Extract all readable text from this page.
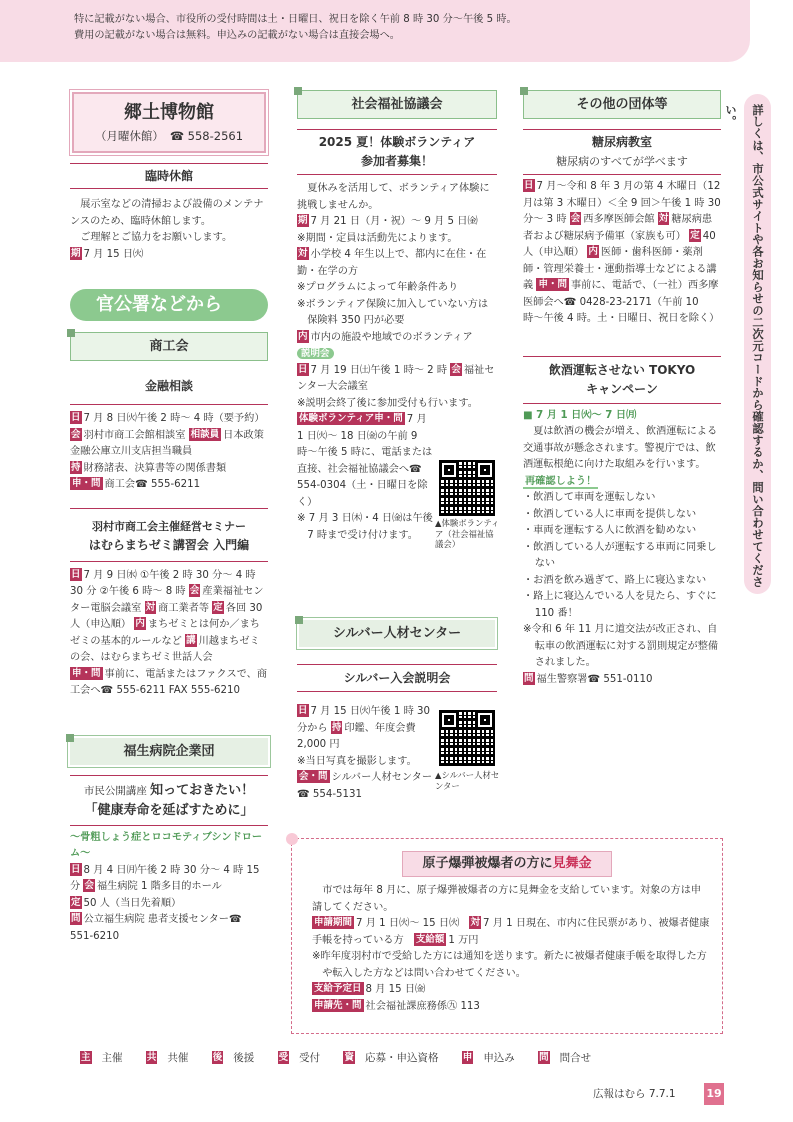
特に記載がない場合、市役所の受付時間は土・日曜日、祝日を除く午前 8 時 30 分〜午後 5 時。

費用の記載がない場合は無料。申込みの記載がない場合は直接会場へ。

郷土博物館
（月曜休館）　 ☎ 558-2561
臨時休館

展示室などの清掃および設備のメンテナンスのため、臨時休館します。

ご理解とご協力をお願いします。

期 7 月 15 日㈫

官公署などから
商工会
金融相談

日 7 月 8 日㈫午後 2 時〜 4 時（要予約）

会 羽村市商工会館相談室 相談員 日本政策金融公庫立川支店担当職員

持 財務諸表、決算書等の関係書類

申・問 商工会☎ 555-6211

羽村市商工会主催経営セミナー
はむらまちゼミ講習会 入門編

日 7 月 9 日㈬ ①午後 2 時 30 分〜 4 時 30 分 ②午後 6 時〜 8 時 会 産業福祉センター電脳会議室 対 商工業者等 定 各回 30 人（申込順） 内 まちゼミとは何か／まちゼミの基本的ルールなど 講 川越まちゼミの会、はむらまちゼミ世話人会

申・問 事前に、電話またはファクスで、商工会へ☎ 555-6211 FAX 555-6210

福生病院企業団
市民公開講座 知っておきたい！
「健康寿命を延ばすために」

〜骨粗しょう症とロコモティブシンドローム〜

日 8 月 4 日㈪午後 2 時 30 分〜 4 時 15 分 会 福生病院 1 階多目的ホール

定 50 人（当日先着順）

問 公立福生病院 患者支援センター☎ 551-6210

社会福祉協議会
2025 夏！体験ボランティア
参加者募集！

夏休みを活用して、ボランティア体験に挑戦しませんか。

期 7 月 21 日（月・祝）〜 9 月 5 日㈮

※期間・定員は活動先によります。

対 小学校 4 年生以上で、都内に在住・在勤・在学の方

※プログラムによって年齢条件あり

※ボランティア保険に加入していない方は保険料 350 円が必要

内 市内の施設や地域でのボランティア

説明会

日 7 月 19 日㈯午後 1 時〜 2 時 会 福祉センター大会議室

※説明会終了後に参加受付も行います。

体験ボランティア申・問 7 月 1 日㈫〜 18 日㈮の午前 9 時〜午後 5 時に、電話または直接、社会福祉協議会へ☎ 554-0304（土・日曜日を除く）

※ 7 月 3 日㈭・4 日㈮は午後 7 時まで受け付けます。

▲体験ボランティア（社会福祉協議会）
シルバー人材センター
シルバー入会説明会

日 7 月 15 日㈫午後 1 時 30 分から 持 印鑑、年度会費 2,000 円

※当日写真を撮影します。

会・問 シルバー人材センター☎ 554-5131

▲シルバー人材センター
その他の団体等
糖尿病教室
糖尿病のすべてが学べます

日 7 月〜令和 8 年 3 月の第 4 木曜日（12 月は第 3 木曜日）＜全 9 回＞午後 1 時 30 分〜 3 時 会 西多摩医師会館 対 糖尿病患者および糖尿病予備軍（家族も可） 定 40 人（申込順） 内 医師・歯科医師・薬剤師・管理栄養士・運動指導士などによる講義 申・問 事前に、電話で、（一社）西多摩医師会へ☎ 0428-23-2171（午前 10 時〜午後 4 時。土・日曜日、祝日を除く）

飲酒運転させない TOKYO
キャンペーン

■ 7 月 1 日㈫〜 7 日㈪

夏は飲酒の機会が増え、飲酒運転による交通事故が懸念されます。警視庁では、飲酒運転根絶に向けた取組みを行います。

再確認しよう！

・飲酒して車両を運転しない

・飲酒している人に車両を提供しない

・車両を運転する人に飲酒を勧めない

・飲酒している人が運転する車両に同乗しない

・お酒を飲み過ぎて、路上に寝込まない

・路上に寝込んでいる人を見たら、すぐに 110 番！

※令和 6 年 11 月に道交法が改正され、自転車の飲酒運転に対する罰則規定が整備されました。

問 福生警察署☎ 551-0110

原子爆弾被爆者の方に見舞金

市では毎年 8 月に、原子爆弾被爆者の方に見舞金を支給しています。対象の方は申請してください。

申請期間 7 月 1 日㈫〜 15 日㈫　 対 7 月 1 日現在、市内に住民票があり、被爆者健康手帳を持っている方　 支給額 1 万円

※昨年度羽村市で受給した方には通知を送ります。新たに被爆者健康手帳を取得した方や転入した方などは問い合わせてください。

支給予定日 8 月 15 日㈮

申請先・問 社会福祉課庶務係㊈ 113

詳しくは、市公式サイトや各お知らせの二次元コードから確認するか、問い合わせてください。
主 主催	共 共催	後 後援	受 受付	資 応募・申込資格	申 申込み	問 問合せ
広報はむら 7.7.1	19
